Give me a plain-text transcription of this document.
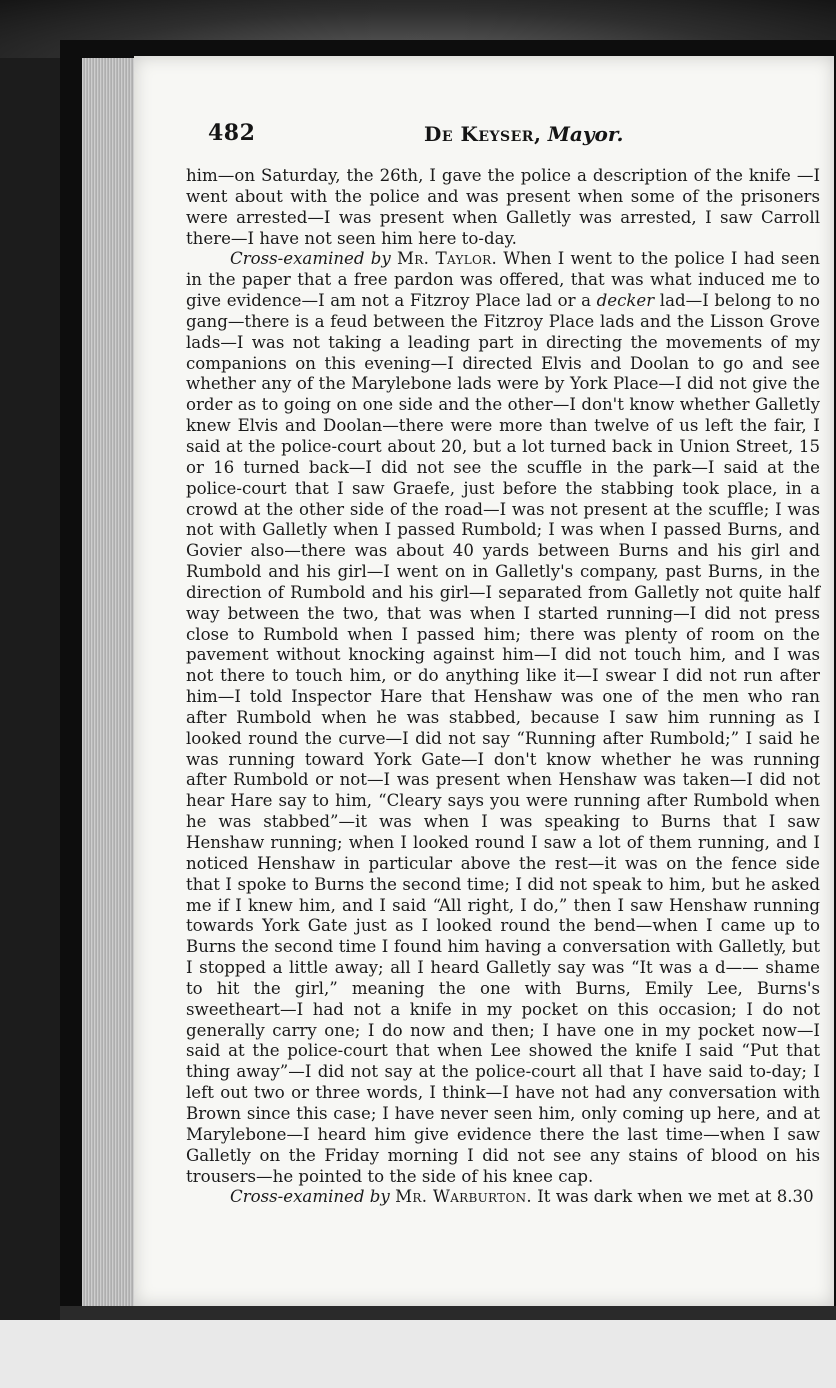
482	De Keyser, Mayor.

him—on Saturday, the 26th, I gave the police a description of the knife —I went about with the police and was present when some of the prisoners were arrested—I was present when Galletly was arrested, I saw Carroll there—I have not seen him here to-day.

Cross-examined by Mr. Taylor. When I went to the police I had seen in the paper that a free pardon was offered, that was what induced me to give evidence—I am not a Fitzroy Place lad or a decker lad—I belong to no gang—there is a feud between the Fitzroy Place lads and the Lisson Grove lads—I was not taking a leading part in directing the movements of my companions on this evening—I directed Elvis and Doolan to go and see whether any of the Marylebone lads were by York Place—I did not give the order as to going on one side and the other—I don't know whether Galletly knew Elvis and Doolan—there were more than twelve of us left the fair, I said at the police-court about 20, but a lot turned back in Union Street, 15 or 16 turned back—I did not see the scuffle in the park—I said at the police-court that I saw Graefe, just before the stabbing took place, in a crowd at the other side of the road—I was not present at the scuffle; I was not with Galletly when I passed Rumbold; I was when I passed Burns, and Govier also—there was about 40 yards between Burns and his girl and Rumbold and his girl—I went on in Galletly's company, past Burns, in the direction of Rumbold and his girl—I separated from Galletly not quite half way between the two, that was when I started running—I did not press close to Rumbold when I passed him; there was plenty of room on the pavement without knocking against him—I did not touch him, and I was not there to touch him, or do anything like it—I swear I did not run after him—I told Inspector Hare that Henshaw was one of the men who ran after Rumbold when he was stabbed, because I saw him running as I looked round the curve—I did not say “Running after Rumbold;” I said he was running toward York Gate—I don't know whether he was running after Rumbold or not—I was present when Henshaw was taken—I did not hear Hare say to him, “Cleary says you were running after Rumbold when he was stabbed”—it was when I was speaking to Burns that I saw Henshaw running; when I looked round I saw a lot of them running, and I noticed Henshaw in particular above the rest—it was on the fence side that I spoke to Burns the second time; I did not speak to him, but he asked me if I knew him, and I said “All right, I do,” then I saw Henshaw running towards York Gate just as I looked round the bend—when I came up to Burns the second time I found him having a conversation with Galletly, but I stopped a little away; all I heard Galletly say was “It was a d—— shame to hit the girl,” meaning the one with Burns, Emily Lee, Burns's sweetheart—I had not a knife in my pocket on this occasion; I do not generally carry one; I do now and then; I have one in my pocket now—I said at the police-court that when Lee showed the knife I said “Put that thing away”—I did not say at the police-court all that I have said to-day; I left out two or three words, I think—I have not had any conversation with Brown since this case; I have never seen him, only coming up here, and at Marylebone—I heard him give evidence there the last time—when I saw Galletly on the Friday morning I did not see any stains of blood on his trousers—he pointed to the side of his knee cap.

Cross-examined by Mr. Warburton. It was dark when we met at 8.30
